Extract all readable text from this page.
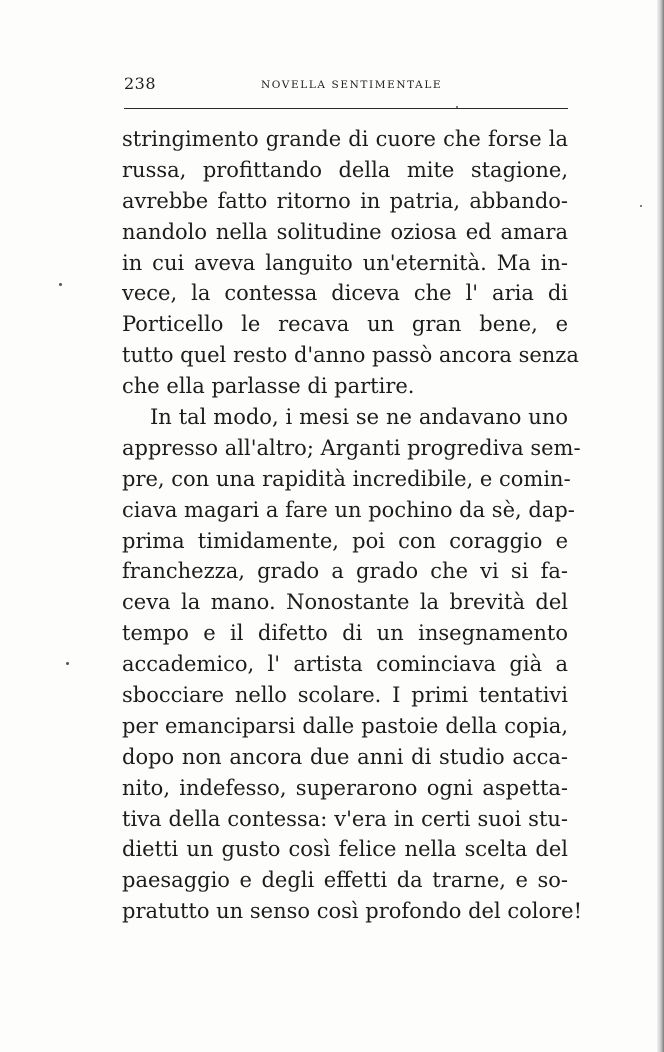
238	NOVELLA SENTIMENTALE
stringimento grande di cuore che forse la
russa, profittando della mite stagione,
avrebbe fatto ritorno in patria, abbando-
nandolo nella solitudine oziosa ed amara
in cui aveva languito un'eternità. Ma in-
vece, la contessa diceva che l' aria di
Porticello le recava un gran bene, e
tutto quel resto d'anno passò ancora senza
che ella parlasse di partire.
In tal modo, i mesi se ne andavano uno
appresso all'altro; Arganti progrediva sem-
pre, con una rapidità incredibile, e comin-
ciava magari a fare un pochino da sè, dap-
prima timidamente, poi con coraggio e
franchezza, grado a grado che vi si fa-
ceva la mano. Nonostante la brevità del
tempo e il difetto di un insegnamento
accademico, l' artista cominciava già a
sbocciare nello scolare. I primi tentativi
per emanciparsi dalle pastoie della copia,
dopo non ancora due anni di studio acca-
nito, indefesso, superarono ogni aspetta-
tiva della contessa: v'era in certi suoi stu-
dietti un gusto così felice nella scelta del
paesaggio e degli effetti da trarne, e so-
pratutto un senso così profondo del colore!
